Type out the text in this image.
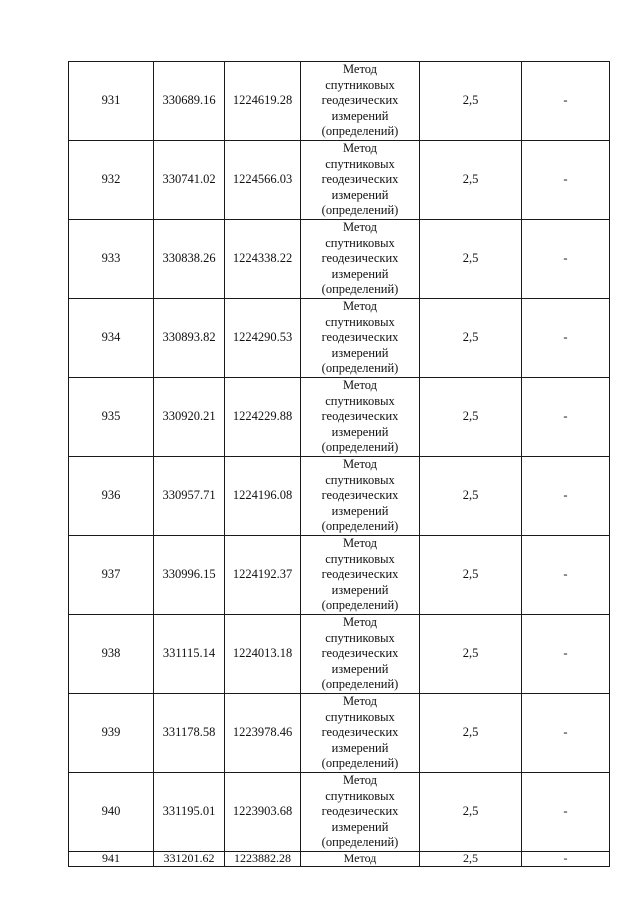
931	330689.16	1224619.28	Метод
спутниковых
геодезических
измерений
(определений)	2,5	-
932	330741.02	1224566.03	Метод
спутниковых
геодезических
измерений
(определений)	2,5	-
933	330838.26	1224338.22	Метод
спутниковых
геодезических
измерений
(определений)	2,5	-
934	330893.82	1224290.53	Метод
спутниковых
геодезических
измерений
(определений)	2,5	-
935	330920.21	1224229.88	Метод
спутниковых
геодезических
измерений
(определений)	2,5	-
936	330957.71	1224196.08	Метод
спутниковых
геодезических
измерений
(определений)	2,5	-
937	330996.15	1224192.37	Метод
спутниковых
геодезических
измерений
(определений)	2,5	-
938	331115.14	1224013.18	Метод
спутниковых
геодезических
измерений
(определений)	2,5	-
939	331178.58	1223978.46	Метод
спутниковых
геодезических
измерений
(определений)	2,5	-
940	331195.01	1223903.68	Метод
спутниковых
геодезических
измерений
(определений)	2,5	-
941	331201.62	1223882.28	Метод	2,5	-
